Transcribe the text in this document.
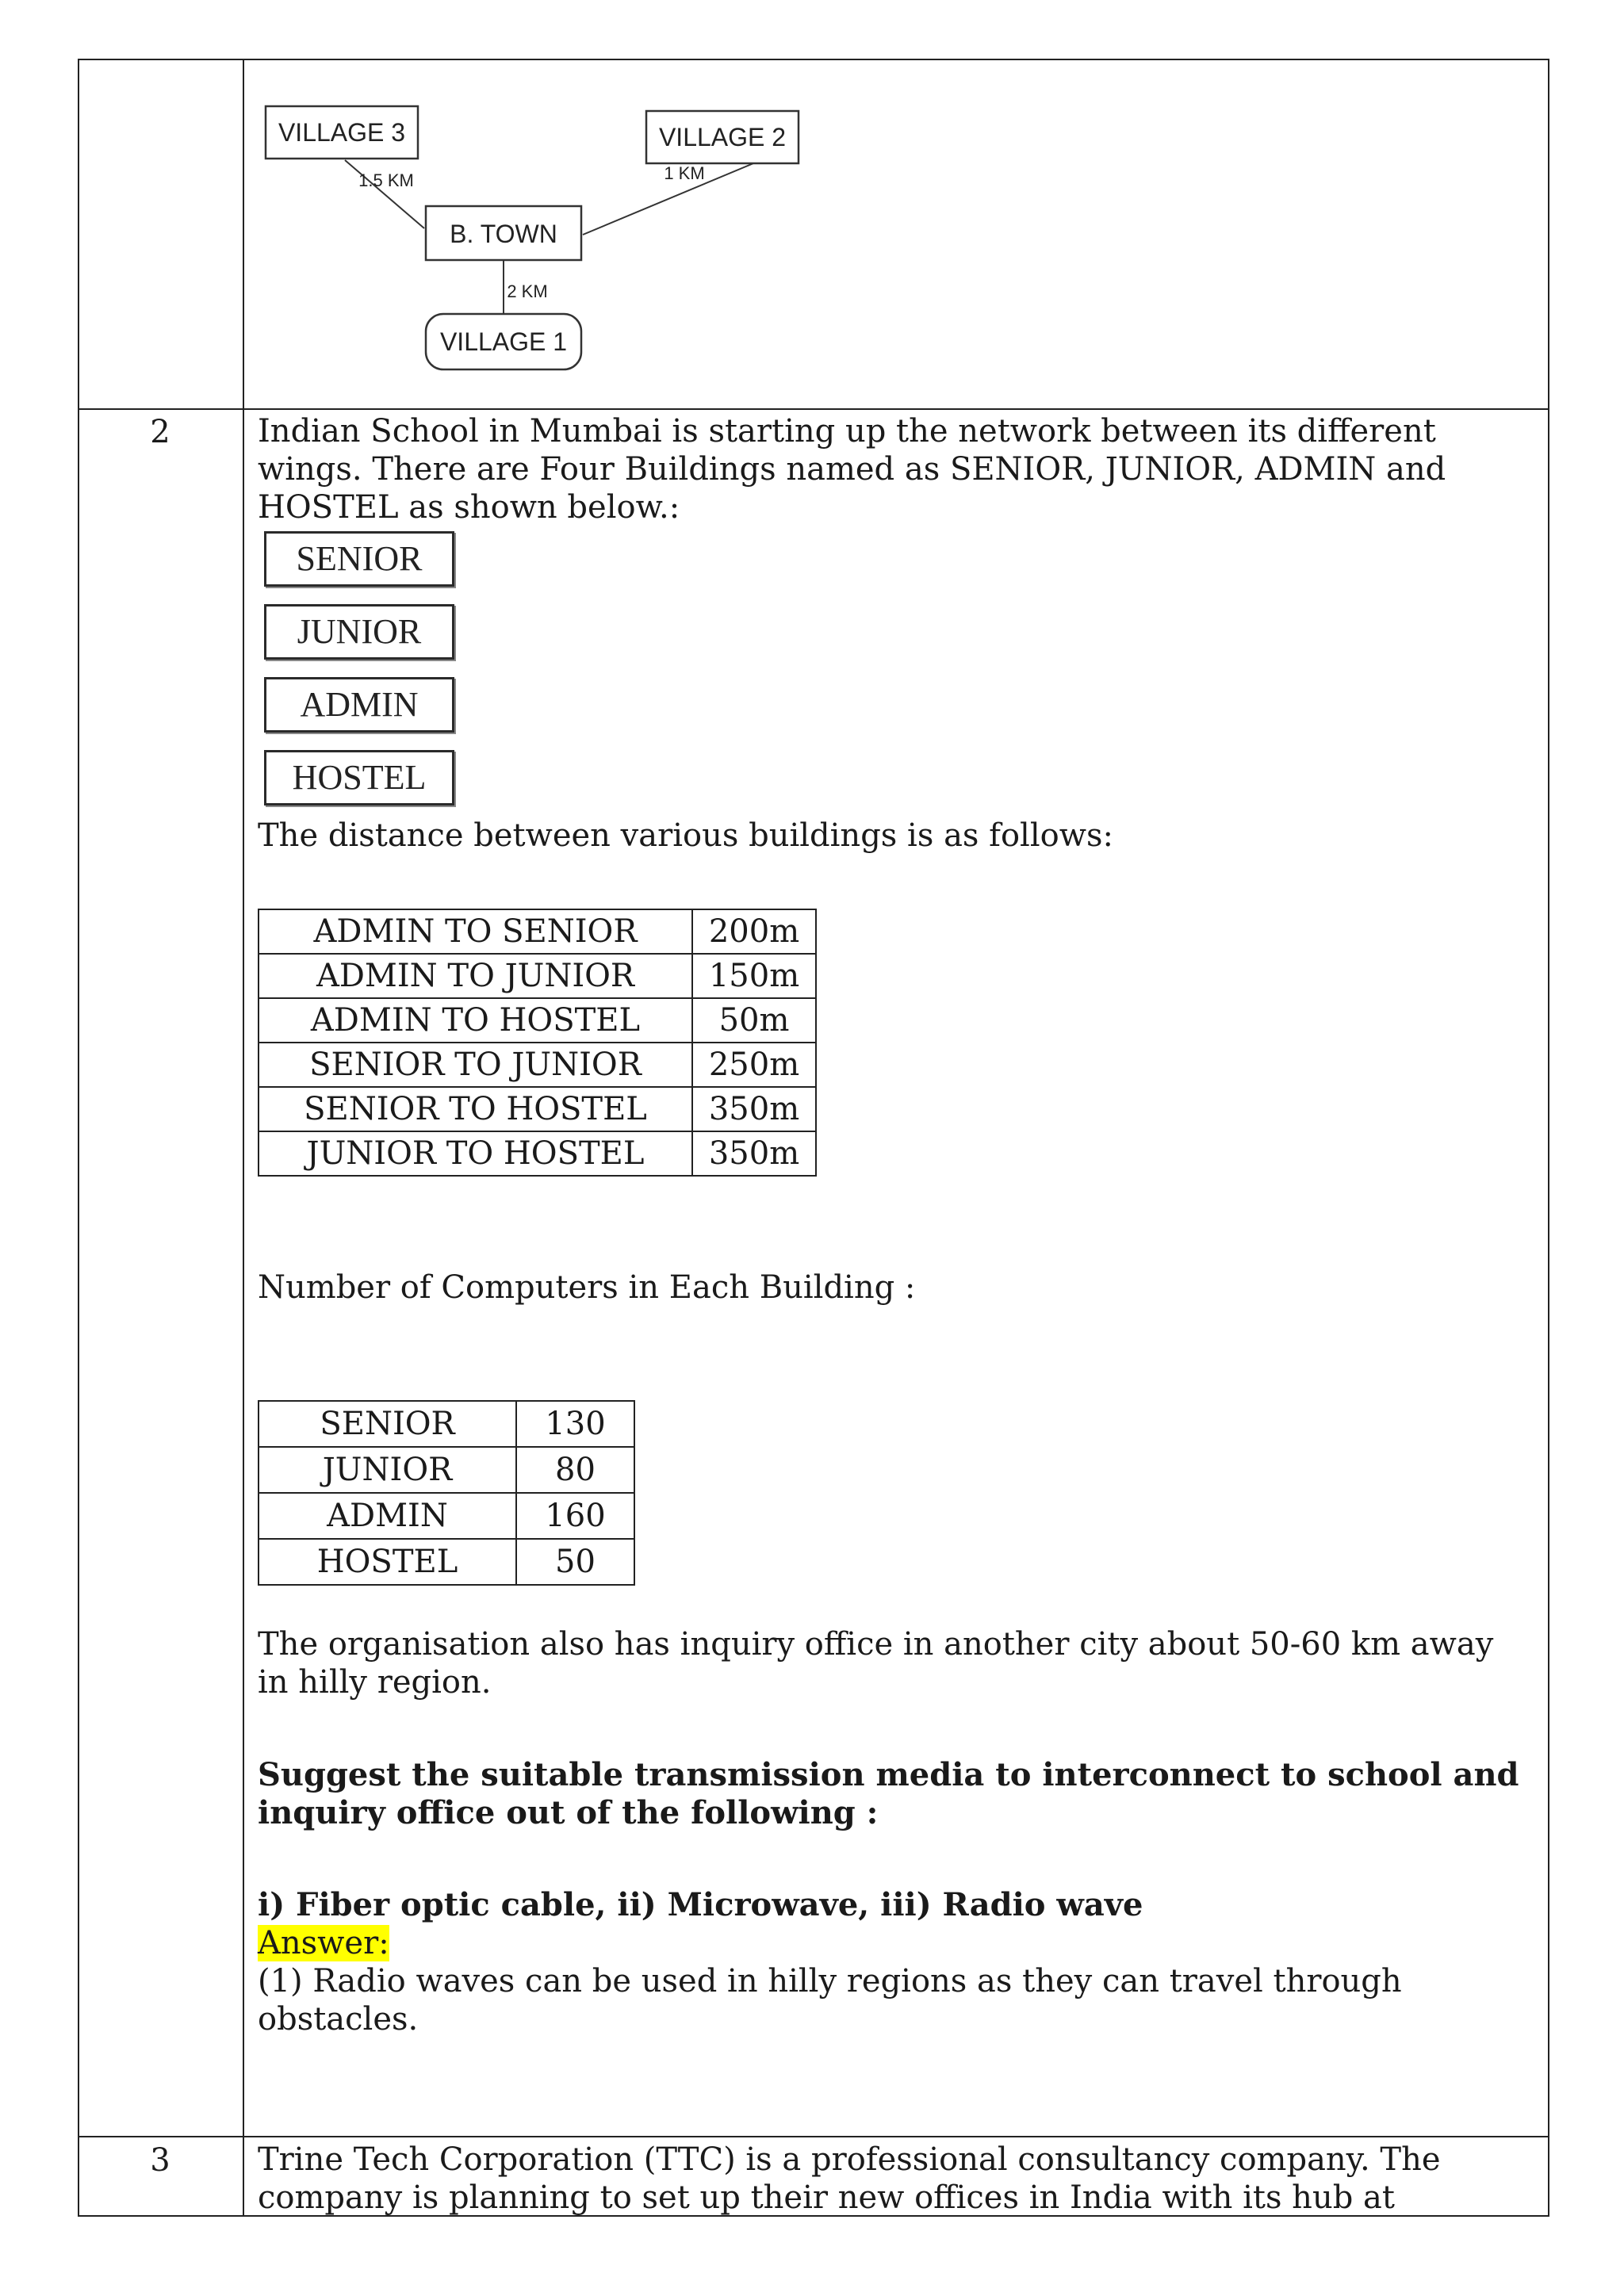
VILLAGE 3	VILLAGE 2
B. TOWN
VILLAGE 1
1.5 KM	1 KM
2 KM
2	Indian School in Mumbai is starting up the network between its different
wings. There are Four Buildings named as SENIOR, JUNIOR, ADMIN and
HOSTEL as shown below.:

SENIOR
JUNIOR
ADMIN
HOSTEL

The distance between various buildings is as follows:

ADMIN TO SENIOR	200m
ADMIN TO JUNIOR	150m
ADMIN TO HOSTEL	50m
SENIOR TO JUNIOR	250m
SENIOR TO HOSTEL	350m
JUNIOR TO HOSTEL	350m

Number of Computers in Each Building :

SENIOR	130
JUNIOR	80
ADMIN	160
HOSTEL	50

The organisation also has inquiry office in another city about 50-60 km away
in hilly region.

Suggest the suitable transmission media to interconnect to school and
inquiry office out of the following :

i) Fiber optic cable, ii) Microwave, iii) Radio wave

Answer:
(1) Radio waves can be used in hilly regions as they can travel through
obstacles.

3	Trine Tech Corporation (TTC) is a professional consultancy company. The
company is planning to set up their new offices in India with its hub at
